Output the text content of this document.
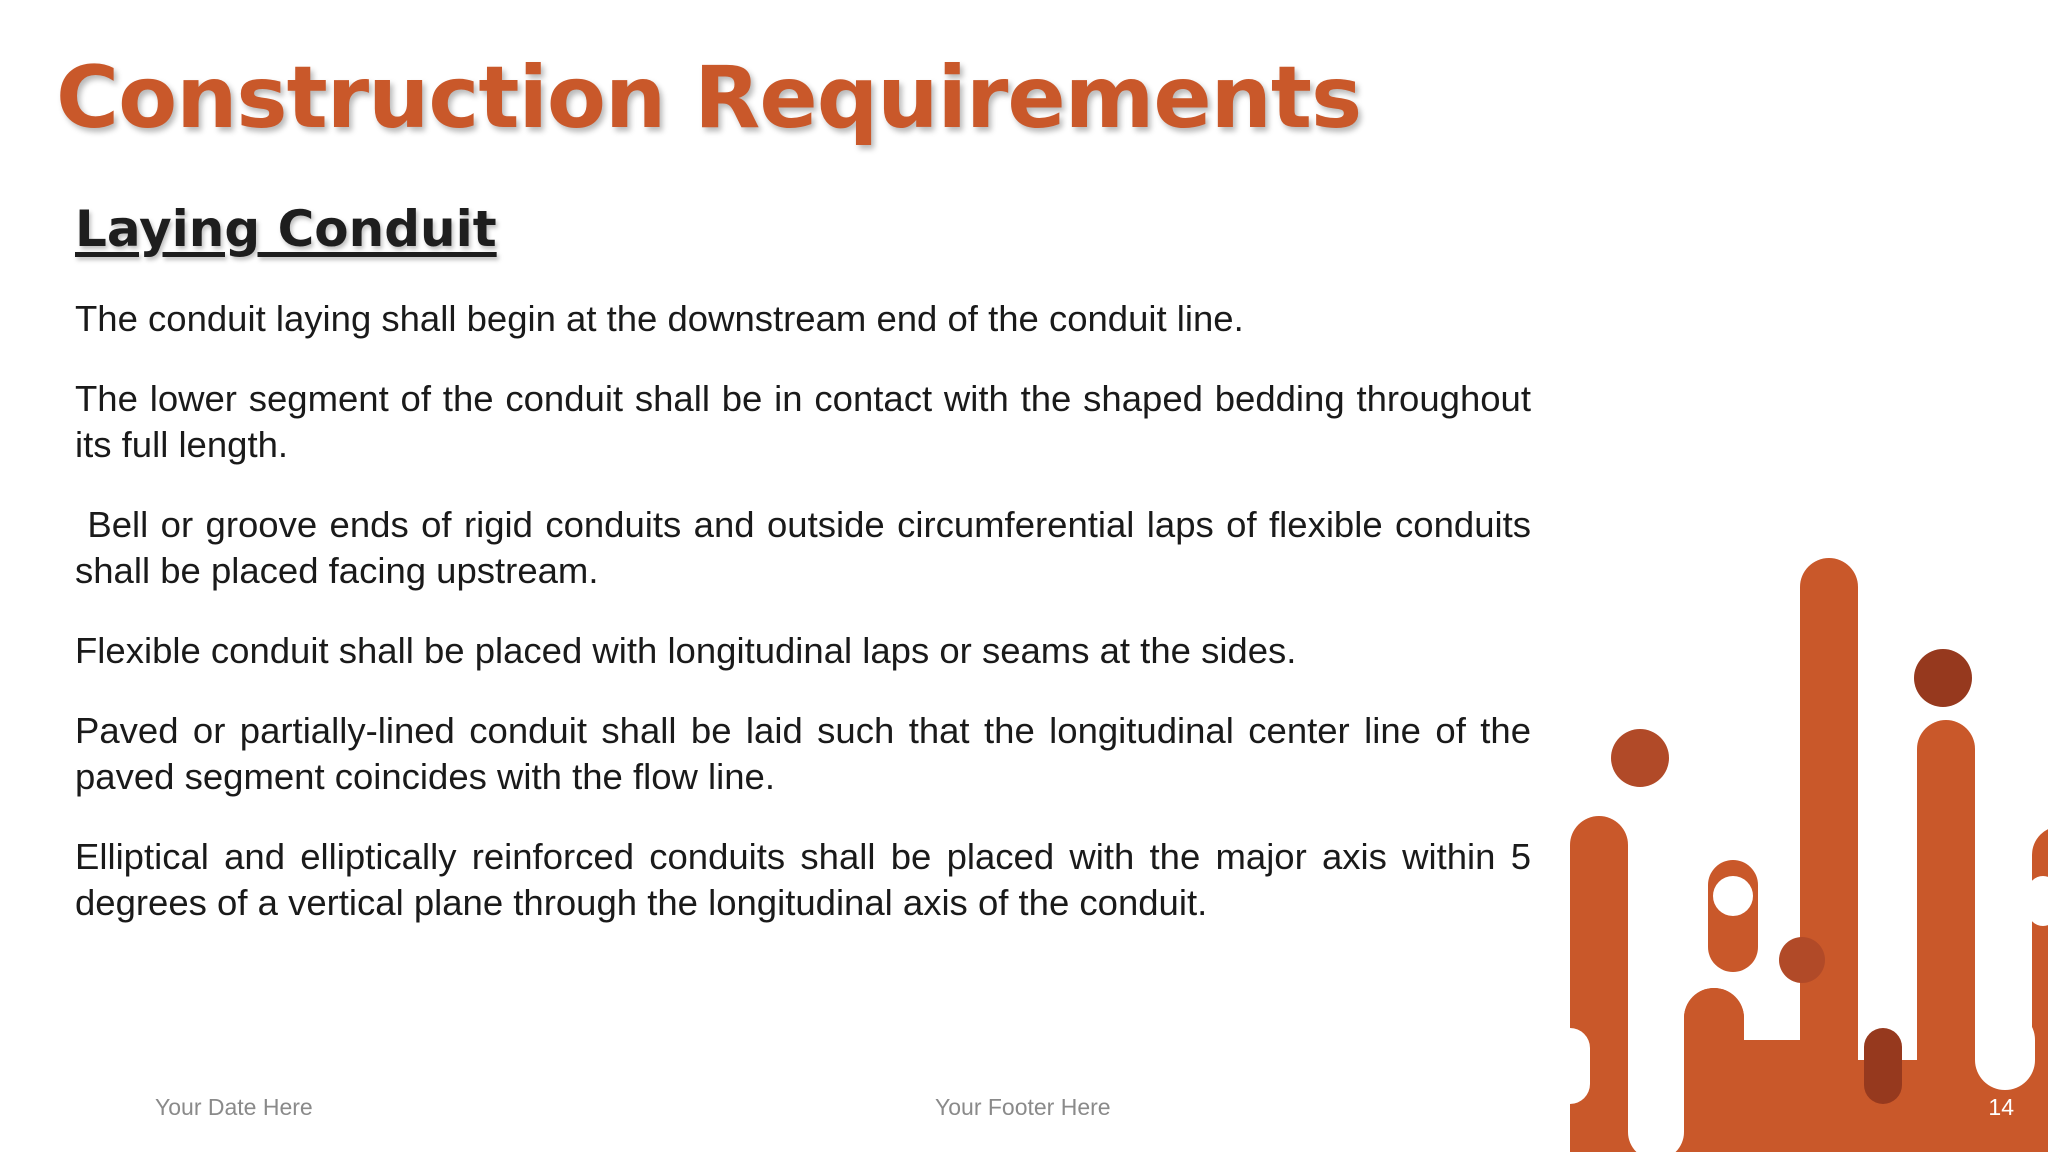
Construction Requirements
Laying Conduit

The conduit laying shall begin at the downstream end of the conduit line.

The lower segment of the conduit shall be in contact with the shaped bedding throughout its full length.

Bell or groove ends of rigid conduits and outside circumferential laps of flexible conduits shall be placed facing upstream.

Flexible conduit shall be placed with longitudinal laps or seams at the sides.

Paved or partially-lined conduit shall be laid such that the longitudinal center line of the paved segment coincides with the flow line.

Elliptical and elliptically reinforced conduits shall be placed with the major axis within 5 degrees of a vertical plane through the longitudinal axis of the conduit.

Your Date Here	Your Footer Here	14
